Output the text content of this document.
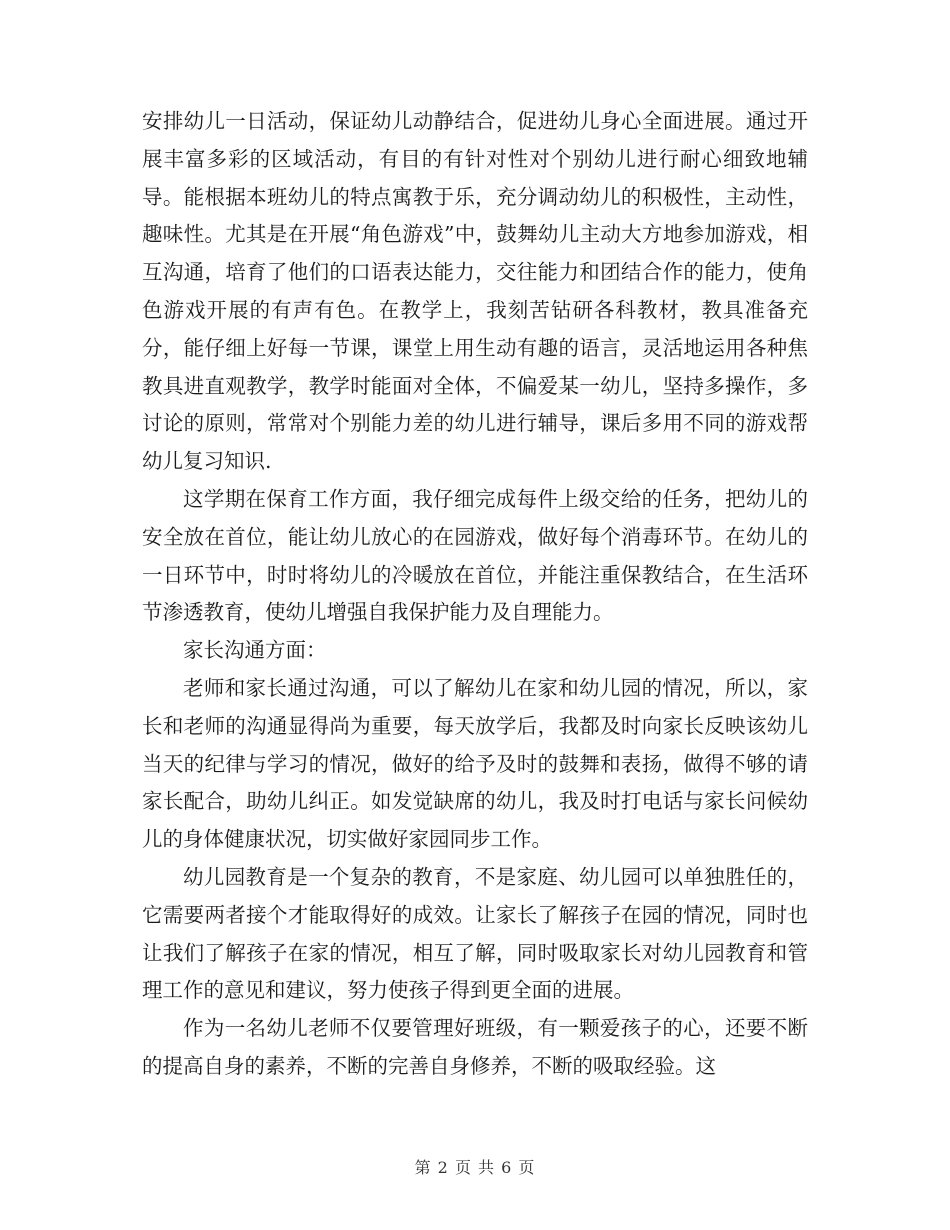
安排幼儿一日活动，保证幼儿动静结合，促进幼儿身心全面进展。通过开展丰富多彩的区域活动，有目的有针对性对个别幼儿进行耐心细致地辅导。能根据本班幼儿的特点寓教于乐，充分调动幼儿的积极性，主动性，趣味性。尤其是在开展“角色游戏”中，鼓舞幼儿主动大方地参加游戏，相互沟通，培育了他们的口语表达能力，交往能力和团结合作的能力，使角色游戏开展的有声有色。在教学上，我刻苦钻研各科教材，教具准备充分，能仔细上好每一节课，课堂上用生动有趣的语言，灵活地运用各种焦教具进直观教学，教学时能面对全体，不偏爱某一幼儿，坚持多操作，多讨论的原则，常常对个别能力差的幼儿进行辅导，课后多用不同的游戏帮幼儿复习知识.

这学期在保育工作方面，我仔细完成每件上级交给的任务，把幼儿的安全放在首位，能让幼儿放心的在园游戏，做好每个消毒环节。在幼儿的一日环节中，时时将幼儿的冷暖放在首位，并能注重保教结合，在生活环节渗透教育，使幼儿增强自我保护能力及自理能力。

家长沟通方面：

老师和家长通过沟通，可以了解幼儿在家和幼儿园的情况，所以，家长和老师的沟通显得尚为重要，每天放学后，我都及时向家长反映该幼儿当天的纪律与学习的情况，做好的给予及时的鼓舞和表扬，做得不够的请家长配合，助幼儿纠正。如发觉缺席的幼儿，我及时打电话与家长问候幼儿的身体健康状况，切实做好家园同步工作。

幼儿园教育是一个复杂的教育，不是家庭、幼儿园可以单独胜任的，它需要两者接个才能取得好的成效。让家长了解孩子在园的情况，同时也让我们了解孩子在家的情况，相互了解，同时吸取家长对幼儿园教育和管理工作的意见和建议，努力使孩子得到更全面的进展。

作为一名幼儿老师不仅要管理好班级，有一颗爱孩子的心，还要不断的提高自身的素养，不断的完善自身修养，不断的吸取经验。这

第 2 页 共 6 页
